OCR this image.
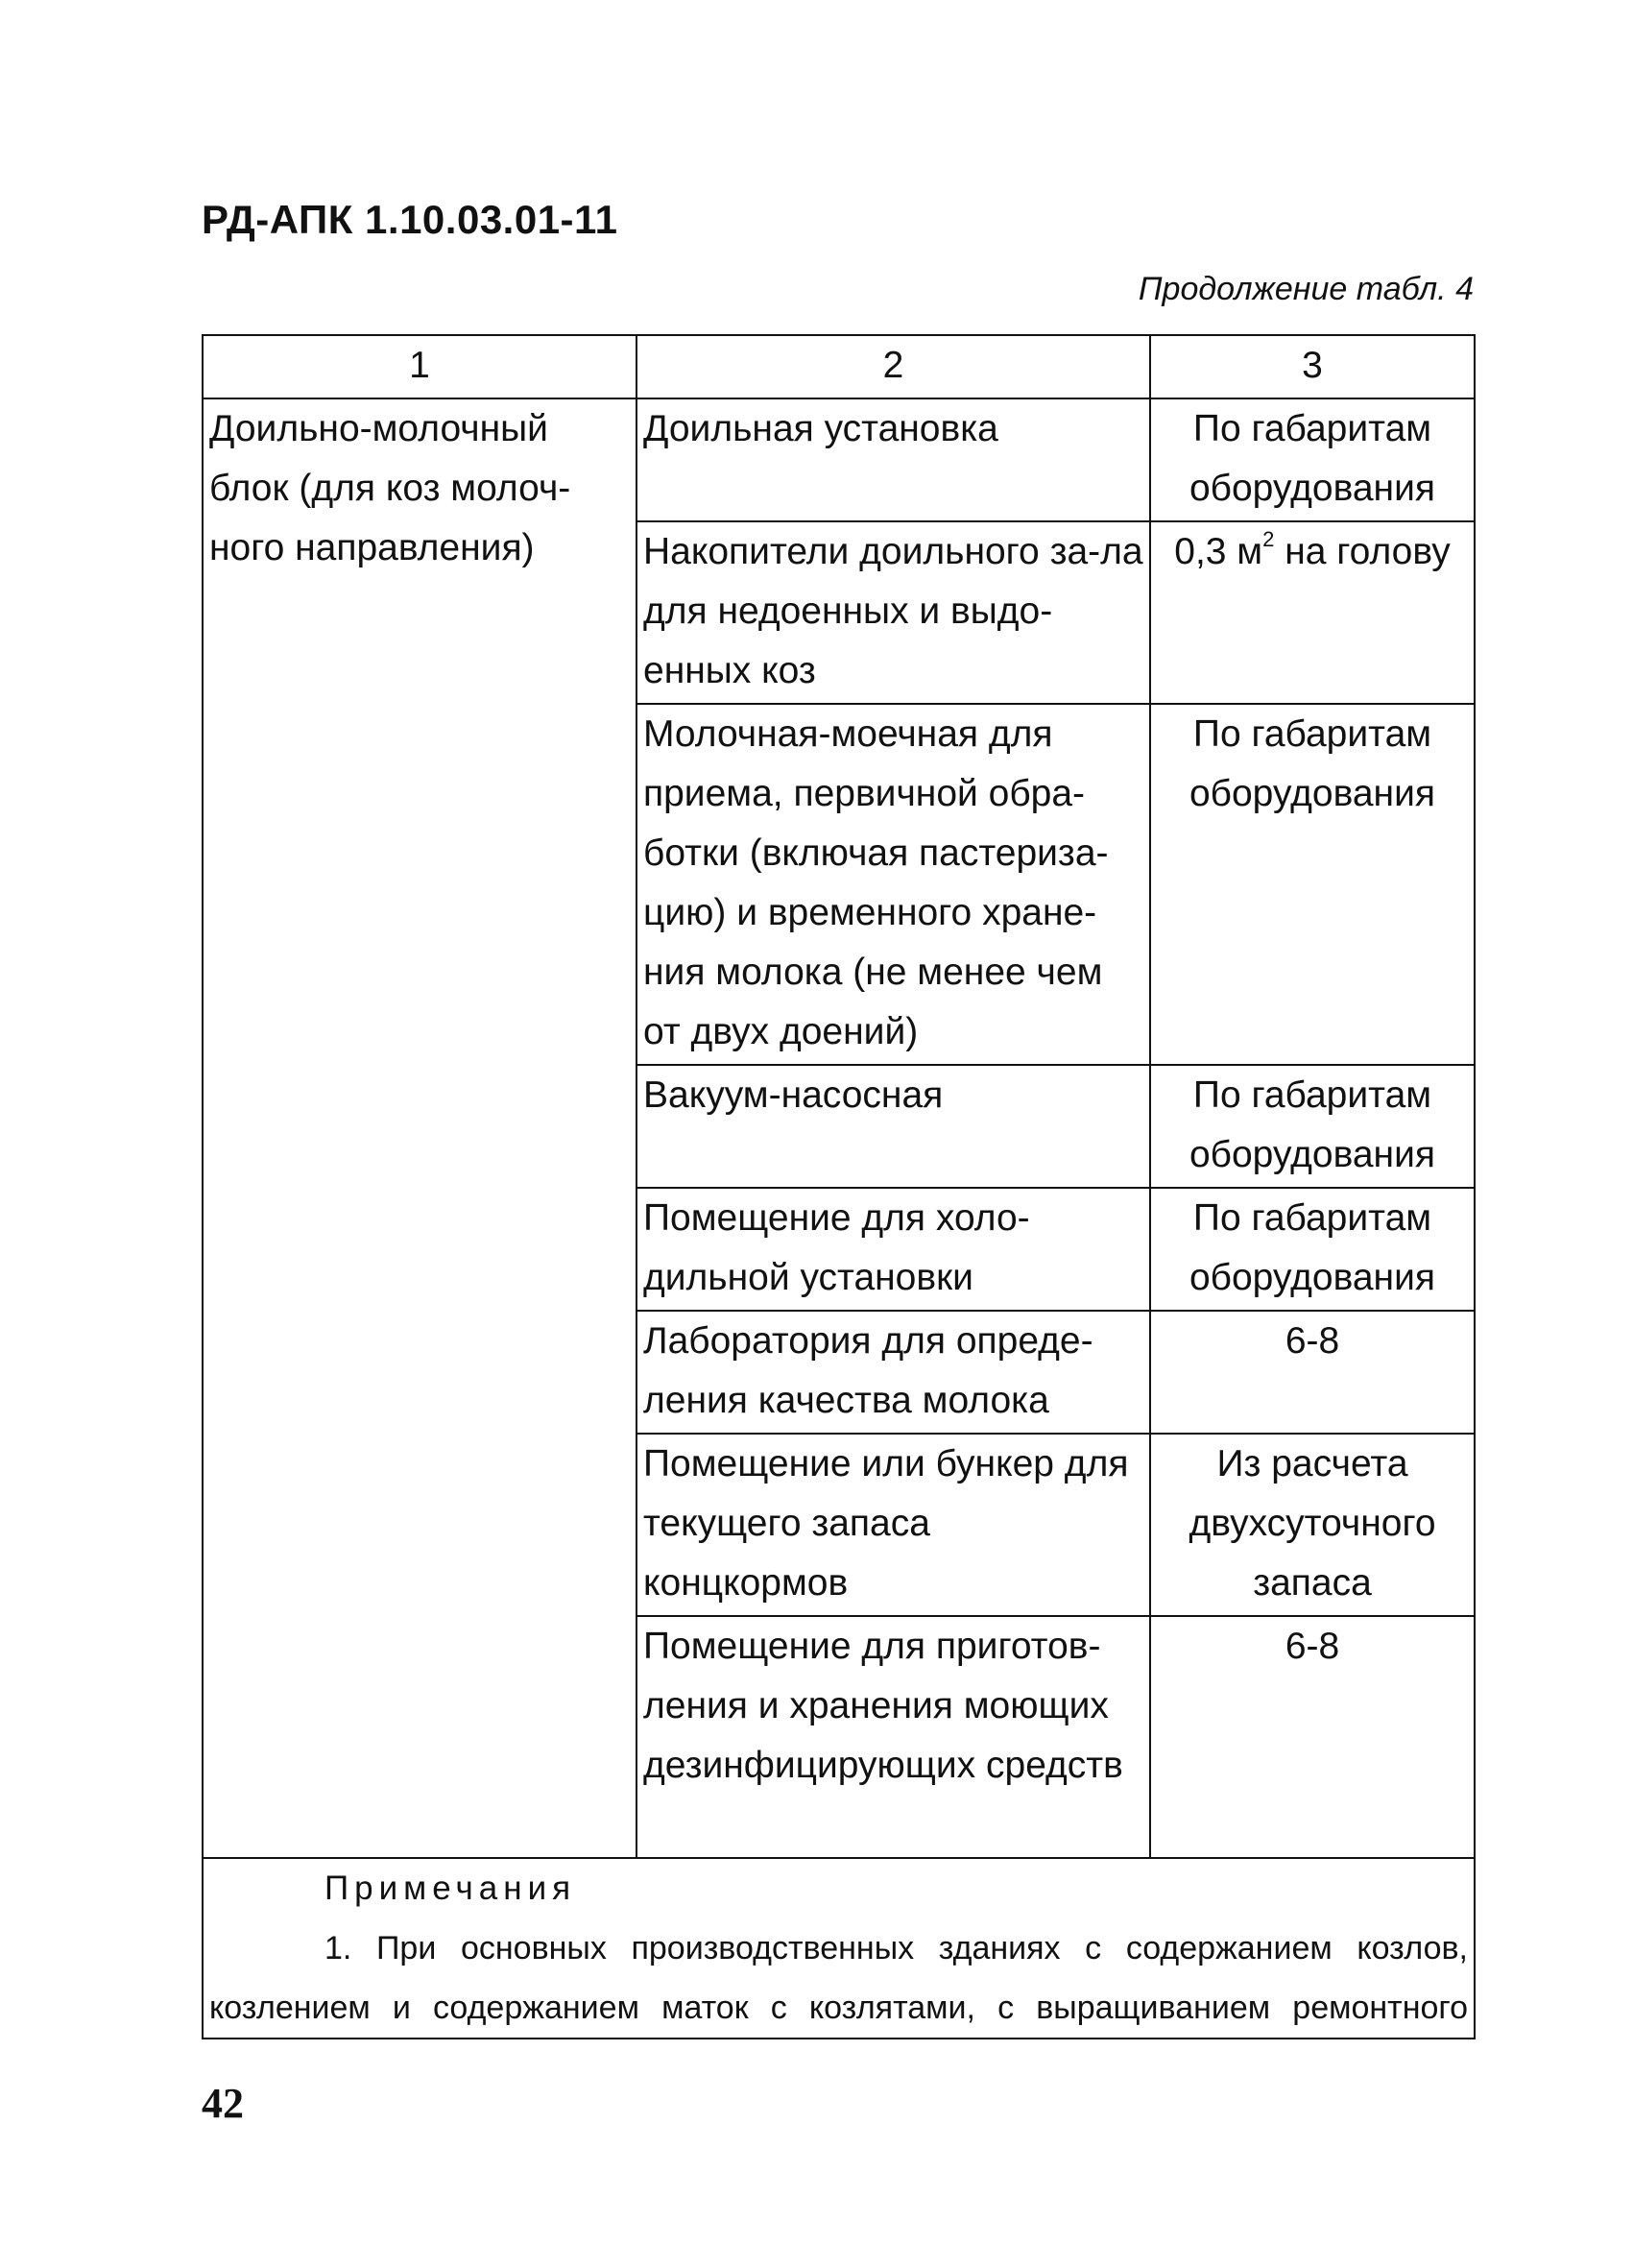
РД-АПК 1.10.03.01-11
Продолжение табл. 4
1	2	3
Доильно-молочный блок (для коз молоч-ного направления)	Доильная установка	По габаритам оборудования
	Накопители доильного за-ла для недоенных и выдо-енных коз	0,3 $м^2$ на голову
	Молочная-моечная для приема, первичной обра-ботки (включая пастериза-цию) и временного хране-ния молока (не менее чем от двух доений)	По габаритам оборудования
	Вакуум-насосная	По габаритам оборудования
	Помещение для холо-дильной установки	По габаритам оборудования
	Лаборатория для опреде-ления качества молока	6-8
	Помещение или бункер для текущего запаса концкормов	Из расчета двухсуточного запаса
	Помещение для приготов-ления и хранения моющих дезинфицирующих средств	6-8

Примечания

1. При основных производственных зданиях с содержанием козлов, козлением и содержанием маток с козлятами, с выращиванием ремонтного		

42
